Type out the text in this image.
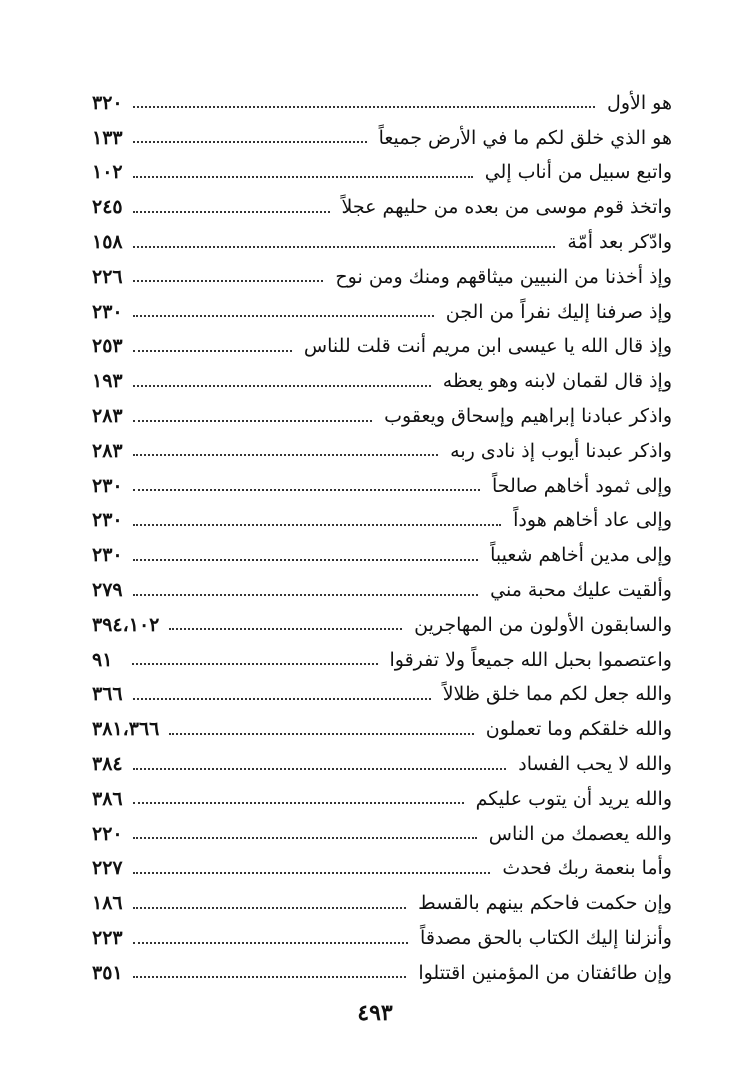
هو الأول
٣٢٠
هو الذي خلق لكم ما في الأرض جميعاً
١٣٣
واتبع سبيل من أناب إلي
١٠٢
واتخذ قوم موسى من بعده من حليهم عجلاً
٢٤٥
وادّكر بعد أمّة
١٥٨
وإذ أخذنا من النبيين ميثاقهم ومنك ومن نوح
٢٢٦
وإذ صرفنا إليك نفراً من الجن
٢٣٠
وإذ قال الله يا عيسى ابن مريم أنت قلت للناس
٢٥٣
وإذ قال لقمان لابنه وهو يعظه
١٩٣
واذكر عبادنا إبراهيم وإسحاق ويعقوب
٢٨٣
واذكر عبدنا أيوب إذ نادى ربه
٢٨٣
وإلى ثمود أخاهم صالحاً
٢٣٠
وإلى عاد أخاهم هوداً
٢٣٠
وإلى مدين أخاهم شعيباً
٢٣٠
وألقيت عليك محبة مني
٢٧٩
والسابقون الأولون من المهاجرين
٣٩٤،١٠٢
واعتصموا بحبل الله جميعاً ولا تفرقوا
٩١
والله جعل لكم مما خلق ظلالاً
٣٦٦
والله خلقكم وما تعملون
٣٨١،٣٦٦
والله لا يحب الفساد
٣٨٤
والله يريد أن يتوب عليكم
٣٨٦
والله يعصمك من الناس
٢٢٠
وأما بنعمة ربك فحدث
٢٢٧
وإن حكمت فاحكم بينهم بالقسط
١٨٦
وأنزلنا إليك الكتاب بالحق مصدقاً
٢٢٣
وإن طائفتان من المؤمنين اقتتلوا
٣٥١
٤٩٣
